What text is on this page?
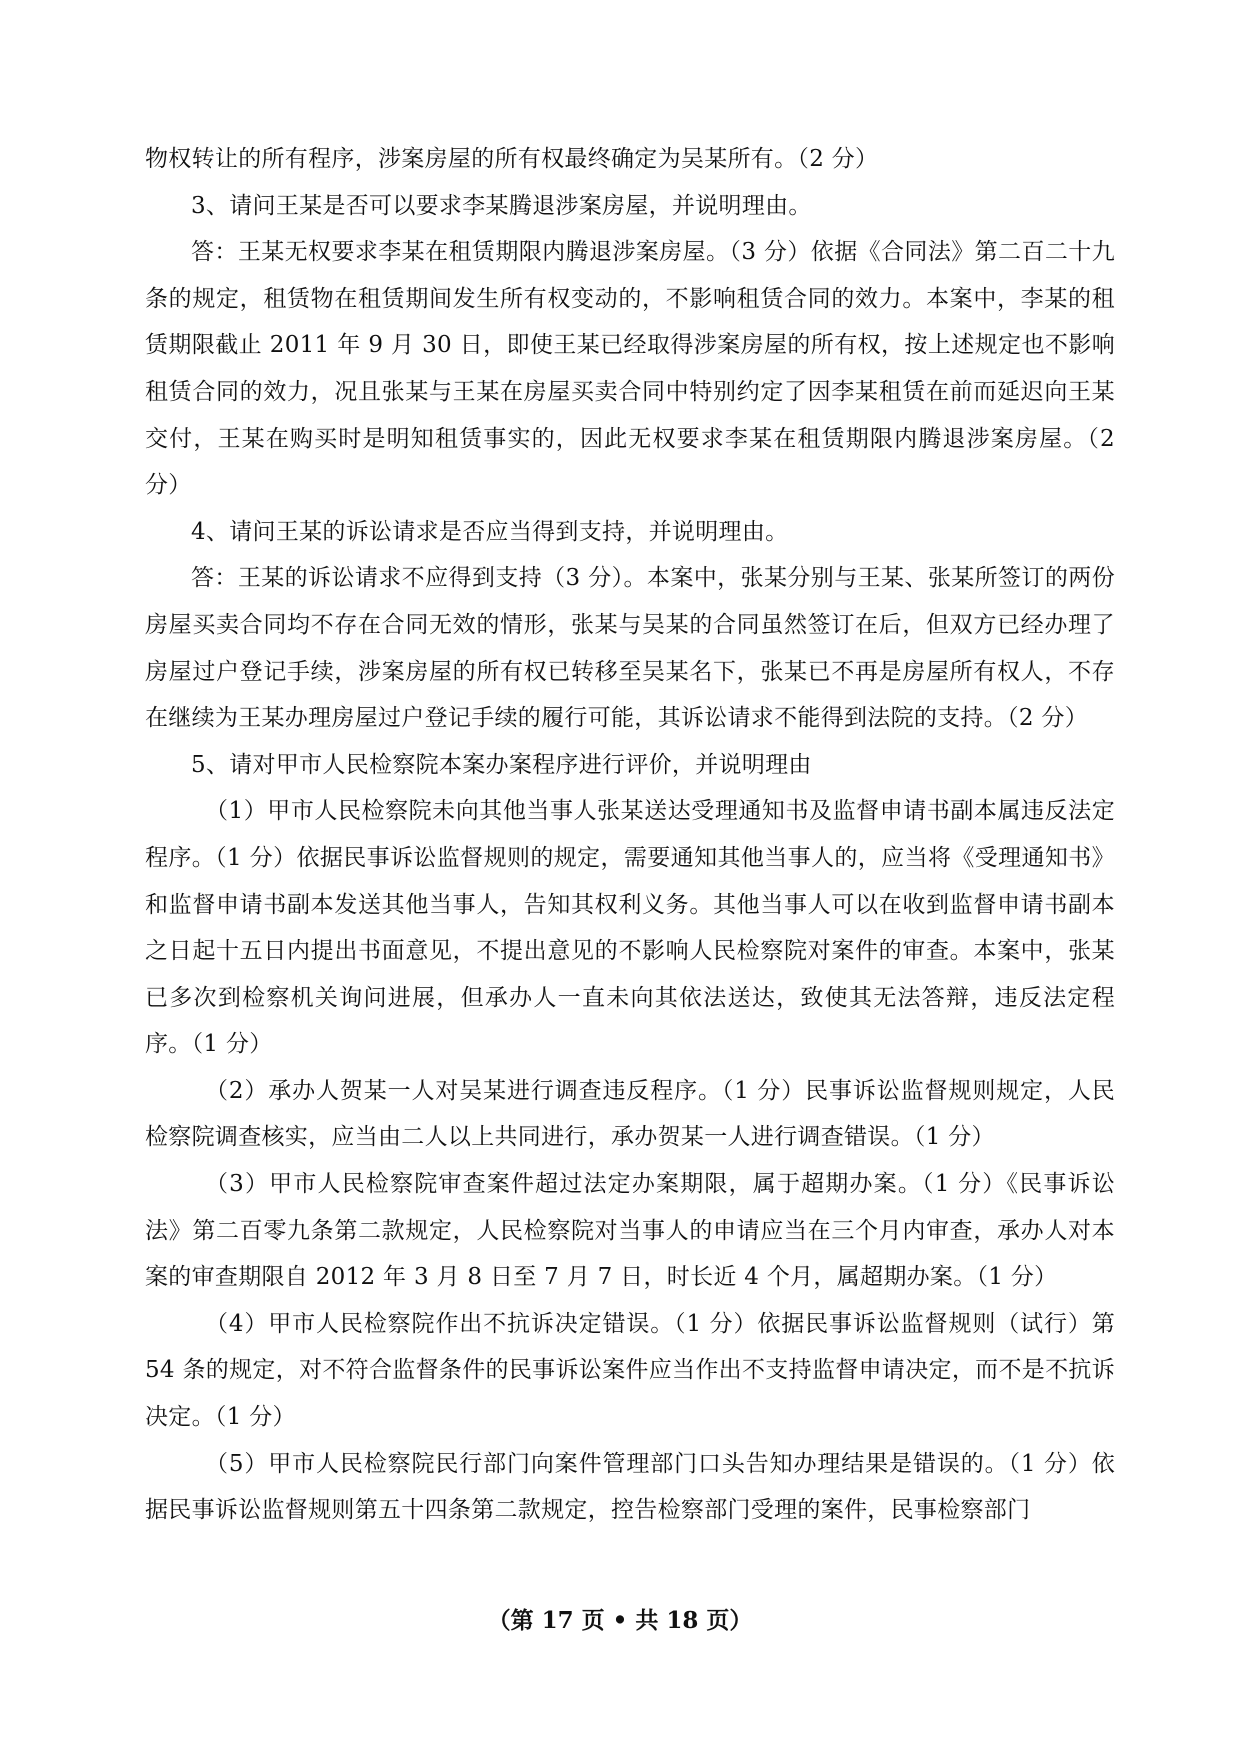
物权转让的所有程序，涉案房屋的所有权最终确定为吴某所有。（2 分）

3、请问王某是否可以要求李某腾退涉案房屋，并说明理由。

答：王某无权要求李某在租赁期限内腾退涉案房屋。（3 分）依据《合同法》第二百二十九条的规定，租赁物在租赁期间发生所有权变动的，不影响租赁合同的效力。本案中，李某的租赁期限截止 2011 年 9 月 30 日，即使王某已经取得涉案房屋的所有权，按上述规定也不影响租赁合同的效力，况且张某与王某在房屋买卖合同中特别约定了因李某租赁在前而延迟向王某交付，王某在购买时是明知租赁事实的，因此无权要求李某在租赁期限内腾退涉案房屋。（2 分）

4、请问王某的诉讼请求是否应当得到支持，并说明理由。

答：王某的诉讼请求不应得到支持（3 分）。本案中，张某分别与王某、张某所签订的两份房屋买卖合同均不存在合同无效的情形，张某与吴某的合同虽然签订在后，但双方已经办理了房屋过户登记手续，涉案房屋的所有权已转移至吴某名下，张某已不再是房屋所有权人，不存在继续为王某办理房屋过户登记手续的履行可能，其诉讼请求不能得到法院的支持。（2 分）

5、请对甲市人民检察院本案办案程序进行评价，并说明理由

（1）甲市人民检察院未向其他当事人张某送达受理通知书及监督申请书副本属违反法定程序。（1 分）依据民事诉讼监督规则的规定，需要通知其他当事人的，应当将《受理通知书》和监督申请书副本发送其他当事人，告知其权利义务。其他当事人可以在收到监督申请书副本之日起十五日内提出书面意见，不提出意见的不影响人民检察院对案件的审查。本案中，张某已多次到检察机关询问进展，但承办人一直未向其依法送达，致使其无法答辩，违反法定程序。（1 分）

（2）承办人贺某一人对吴某进行调查违反程序。（1 分）民事诉讼监督规则规定，人民检察院调查核实，应当由二人以上共同进行，承办贺某一人进行调查错误。（1 分）

（3）甲市人民检察院审查案件超过法定办案期限，属于超期办案。（1 分）《民事诉讼法》第二百零九条第二款规定，人民检察院对当事人的申请应当在三个月内审查，承办人对本案的审查期限自 2012 年 3 月 8 日至 7 月 7 日，时长近 4 个月，属超期办案。（1 分）

（4）甲市人民检察院作出不抗诉决定错误。（1 分）依据民事诉讼监督规则（试行）第 54 条的规定，对不符合监督条件的民事诉讼案件应当作出不支持监督申请决定，而不是不抗诉决定。（1 分）

（5）甲市人民检察院民行部门向案件管理部门口头告知办理结果是错误的。（1 分）依据民事诉讼监督规则第五十四条第二款规定，控告检察部门受理的案件，民事检察部门

（第 17 页 • 共 18 页）
